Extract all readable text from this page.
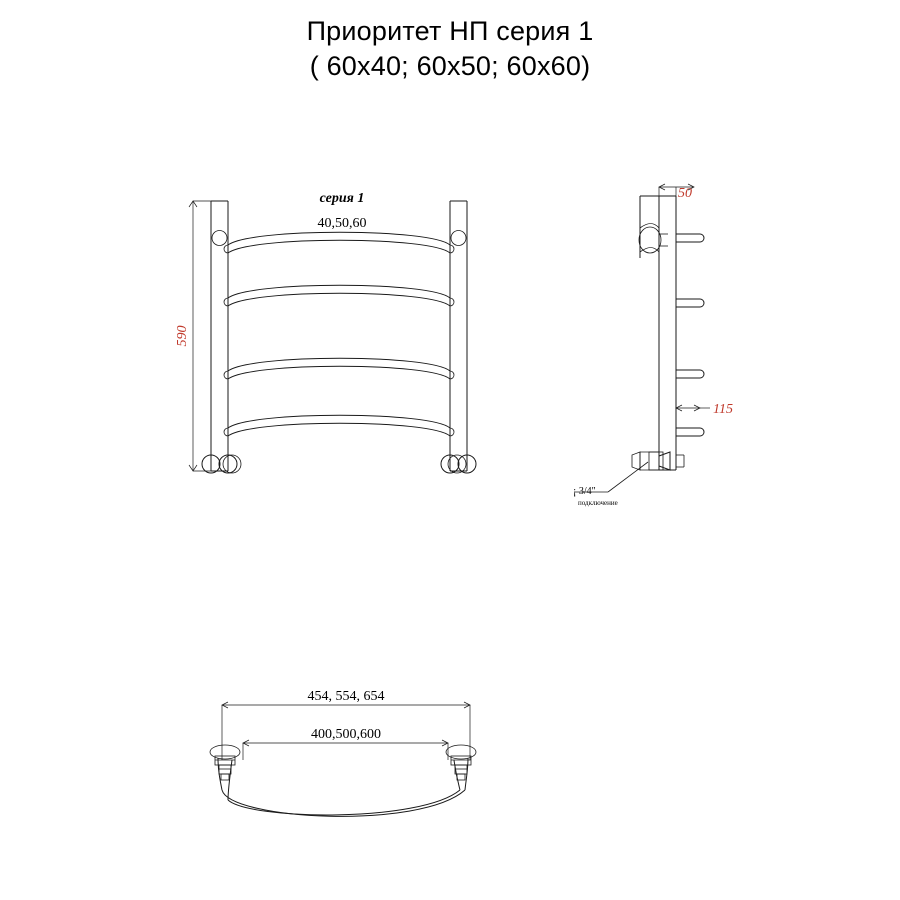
Приоритет НП серия 1
( 60x40; 60x50; 60x60)
590
серия 1
40,50,60
50
115
¡ 3/4"
подключение
454, 554, 654
400,500,600
